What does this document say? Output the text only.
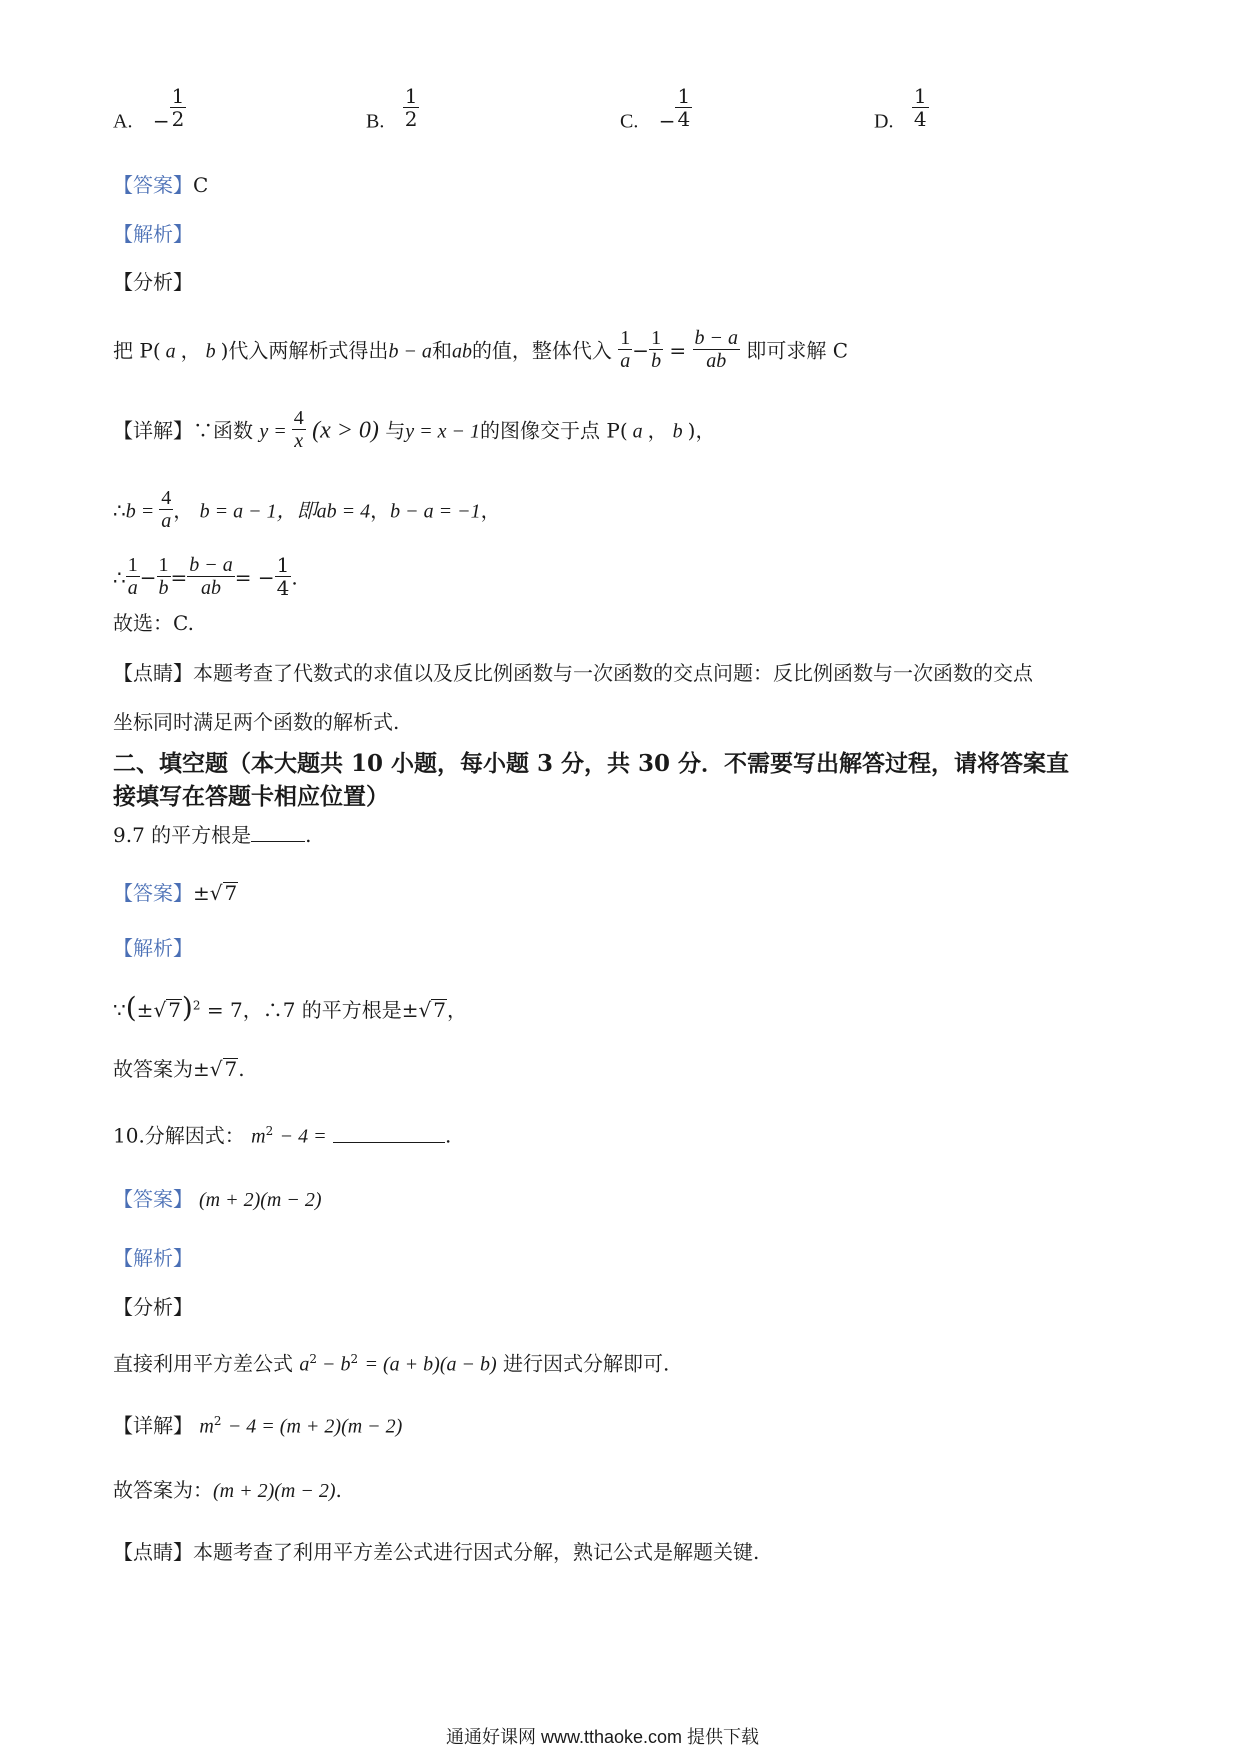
A. − $\frac{1}{2}$	B. $\frac{1}{2}$	C. − $\frac{1}{4}$	D. $\frac{1}{4}$
【答案】C
【解析】
【分析】
把 P( a ， b )代入两解析式得出b − a和ab的值，整体代入 $\frac{1}{a} - \frac{1}{b} = \frac{b - a}{ab}$ 即可求解 C
【详解】∵函数 $y = \frac{4}{x} (x > 0)$ 与y = x − 1的图像交于点 P( a ， b )，
∴b = $\frac{4}{a}$ ， b = a − 1，即ab = 4，b − a = −1，
∴ $\frac{1}{a} - \frac{1}{b} = \frac{b - a}{ab}$ = − $\frac{1}{4}$ .
故选：C.
【点睛】本题考查了代数式的求值以及反比例函数与一次函数的交点问题：反比例函数与一次函数的交点
坐标同时满足两个函数的解析式.
二、填空题（本大题共 10 小题，每小题 3 分，共 30 分．不需要写出解答过程，请将答案直
接填写在答题卡相应位置）
9.7 的平方根是	.
【答案】±√ 7
【解析】
∵(±√ 7)$^2$ = 7，∴7 的平方根是±√ 7，
故答案为±√ 7.
10.分解因式： $m^2 - 4$ =	.
【答案】 (m + 2)(m − 2)
【解析】
【分析】
直接利用平方差公式 $a^2 - b^2 = (a + b)(a - b)$ 进行因式分解即可.
【详解】 $m^2 - 4 = (m + 2)(m - 2)$
故答案为：(m + 2)(m − 2).
【点睛】本题考查了利用平方差公式进行因式分解，熟记公式是解题关键.
通通好课网 www.tthaoke.com 提供下载
